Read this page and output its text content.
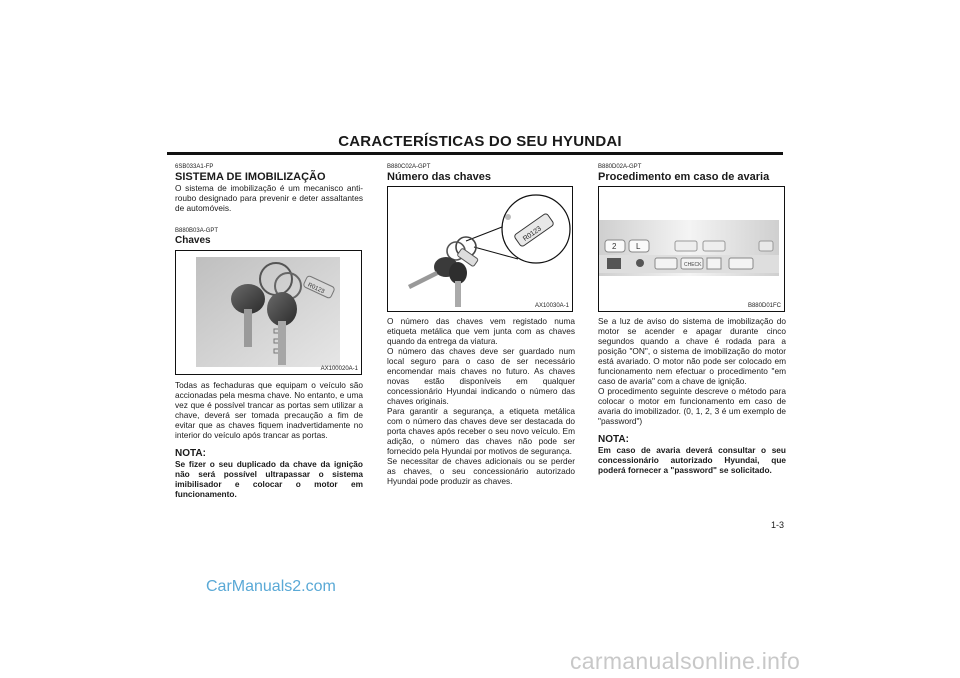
CARACTERÍSTICAS DO SEU HYUNDAI
6SB033A1-FP
SISTEMA DE IMOBILIZAÇÃO

O sistema de imobilização é um mecanisco anti-roubo designado para prevenir e deter assaltantes de automóveis.

B880B03A-GPT
Chaves
R0123
AX100020A-1

Todas as fechaduras que equipam o veículo são accionadas pela mesma chave. No entanto, e uma vez que é possível trancar as portas sem utilizar a chave, deverá ser tomada precaução a fim de evitar que as chaves fiquem inadvertidamente no interior do veículo após trancar as portas.

NOTA:

Se fizer o seu duplicado da chave da ignição não será possível ultrapassar o sistema imibilisador e colocar o motor em funcionamento.

B880C02A-GPT
Número das chaves
R0123
AX10030A-1

O número das chaves vem registado numa etiqueta metálica que vem junta com as chaves quando da entrega da viatura.
O número das chaves deve ser guardado num local seguro para o caso de ser necessário encomendar mais chaves no futuro. As chaves novas estão disponíveis em qualquer concessionário Hyundai indicando o número das chaves originais.
Para garantir a segurança, a etiqueta metálica com o número das chaves deve ser destacada do porta chaves após receber o seu novo veículo. Em adição, o número das chaves não pode ser fornecido pela Hyundai por motivos de segurança.
Se necessitar de chaves adicionais ou se perder as chaves, o seu concessionário autorizado Hyundai pode produzir as chaves.

B880D02A-GPT
Procedimento em caso de avaria
2 L
CHECK
B880D01FC

Se a luz de aviso do sistema de imobilização do motor se acender e apagar durante cinco segundos quando a chave é rodada para a posição "ON", o sistema de imobilização do motor está avariado. O motor não pode ser colocado em funcionamento nem efectuar o procedimento "em caso de avaria" com a chave de ignição.
O procedimento seguinte descreve o método para colocar o motor em funcionamento em caso de avaria do imobilizador. (0, 1, 2, 3 é um exemplo de "password")

NOTA:

Em caso de avaria deverá consultar o seu concessionário autorizado Hyundai, que poderá fornecer a "password" se solicitado.

1-3
CarManuals2.com
carmanualsonline.info
